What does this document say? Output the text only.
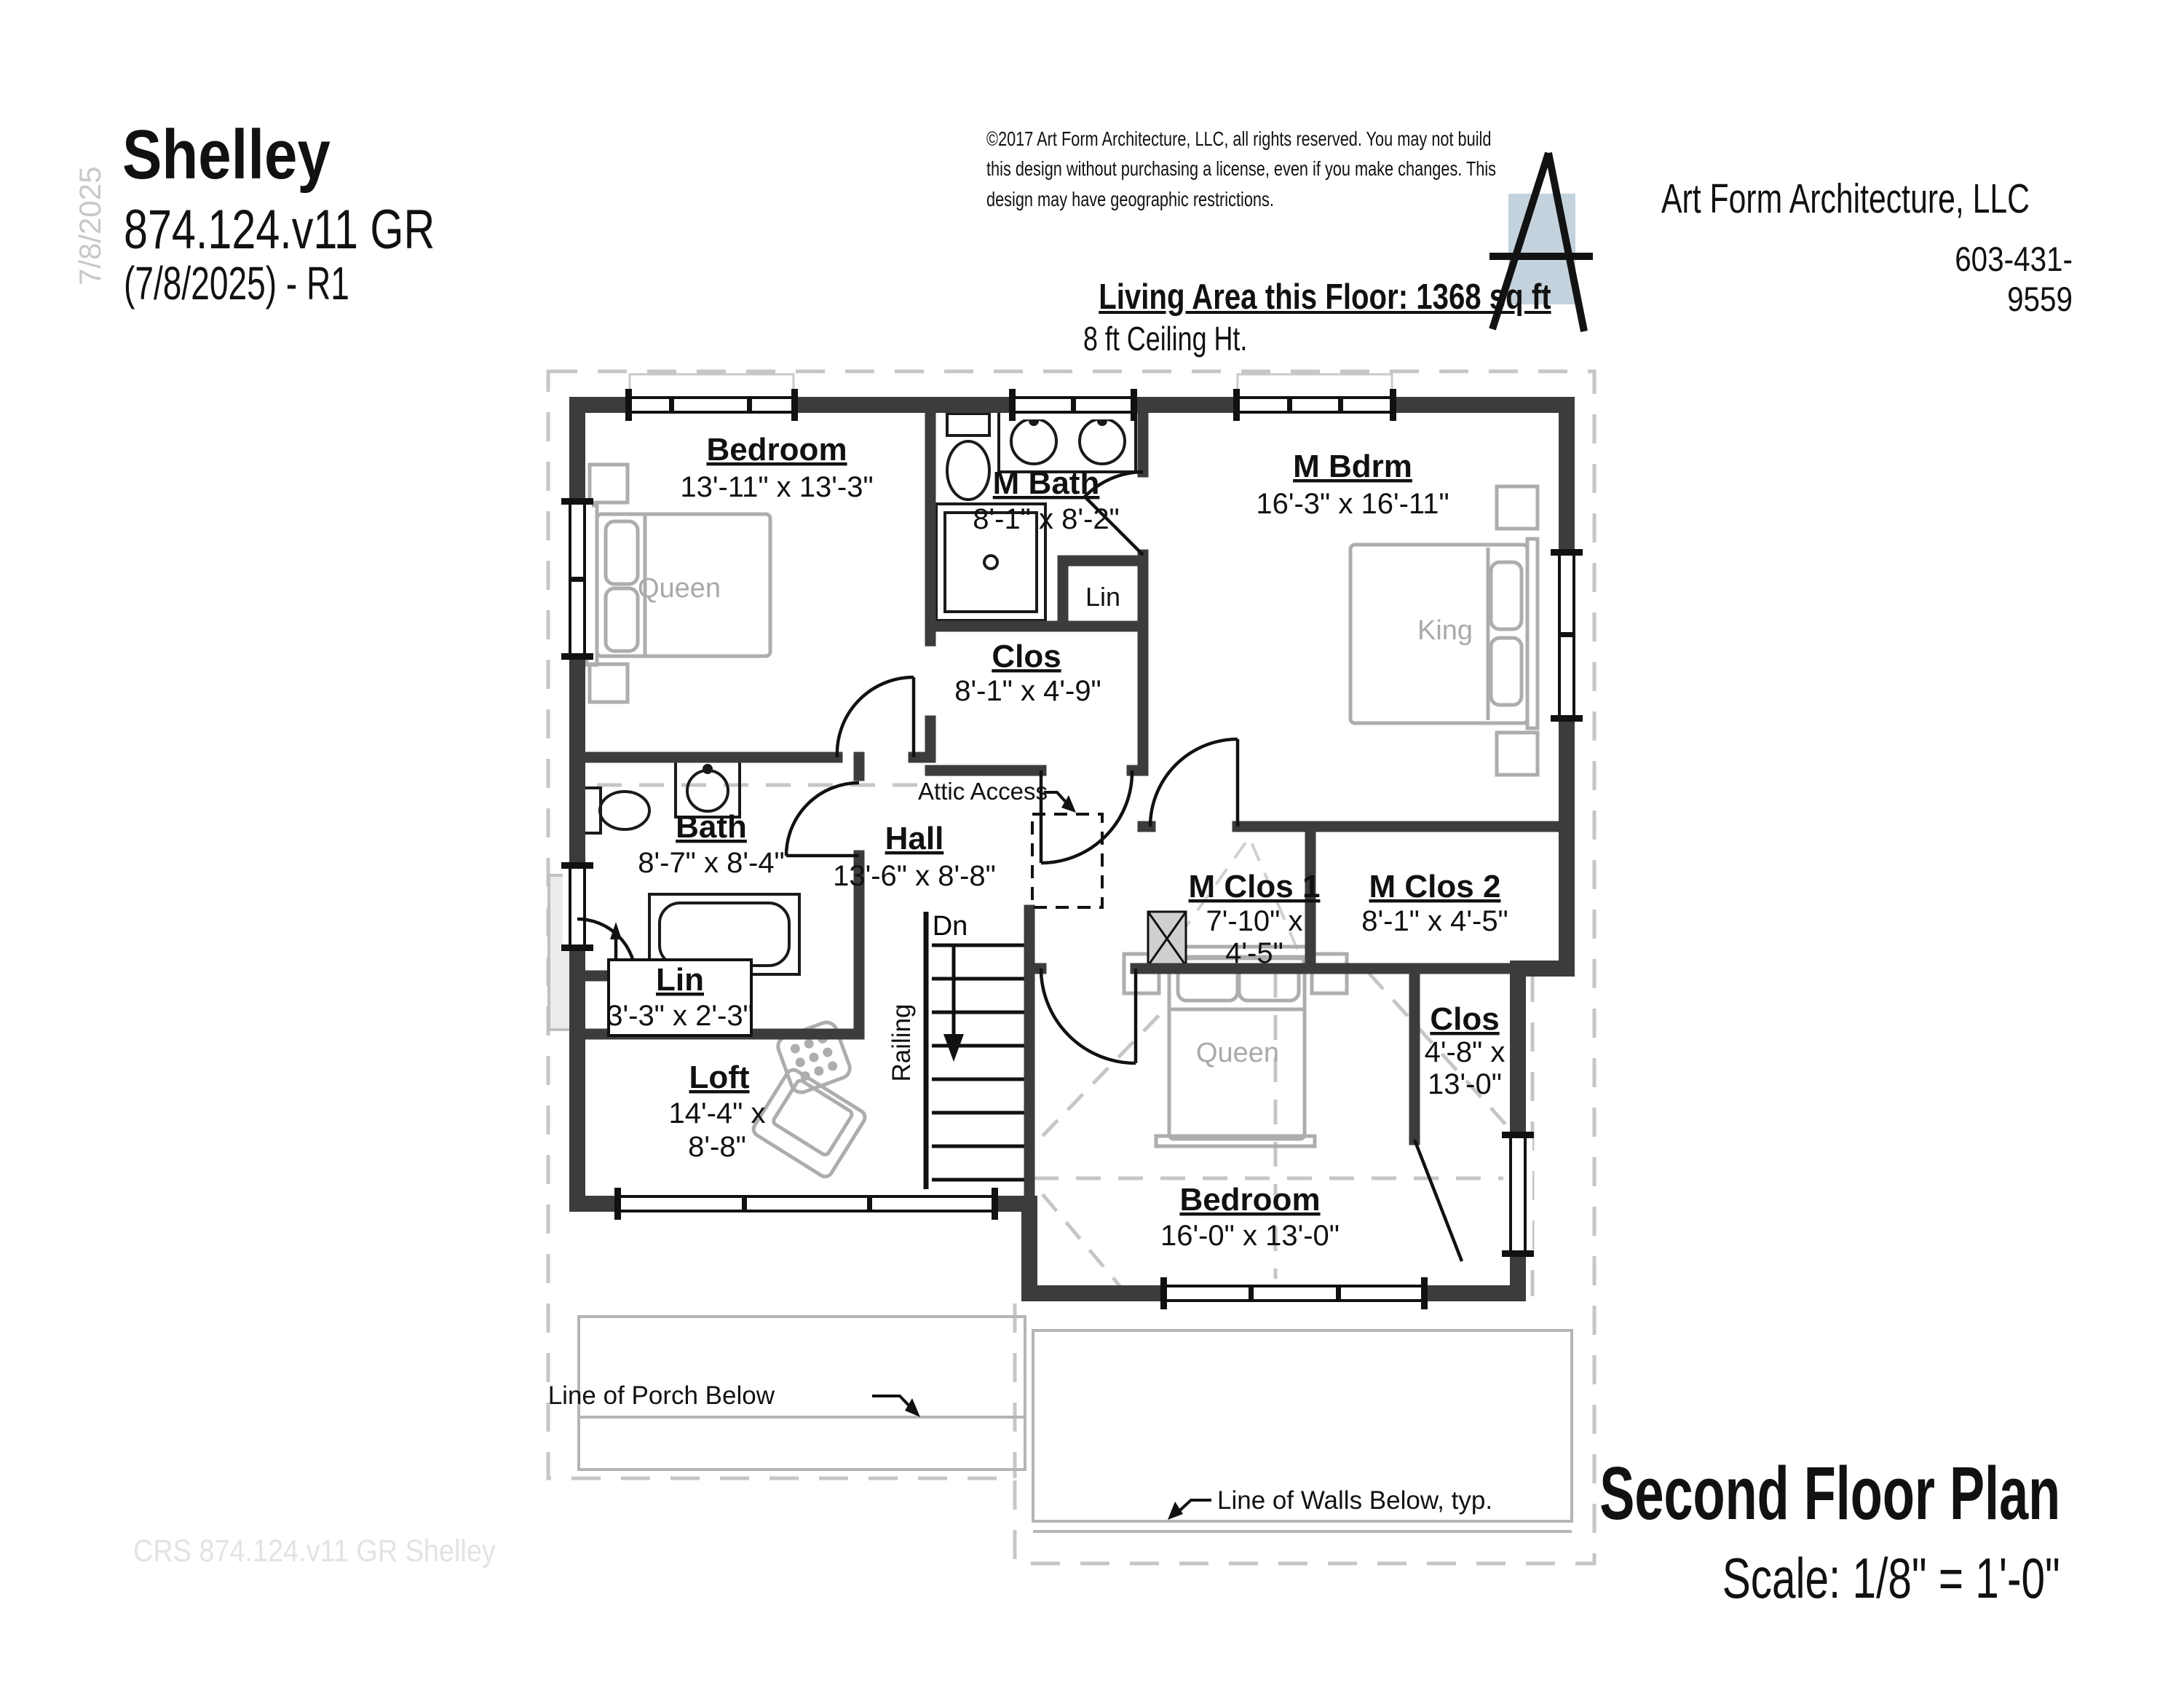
Bedroom
13'-11" x 13'-3"	M Bath
8'-1" x 8'-2"
M Bdrm
16'-3" x 16'-11"
Clos
8'-1" x 4'-9"
Lin
Bath
8'-7" x 8'-4"
Hall
13'-6" x 8'-8"	M Clos 1
7'-10" x
4'-5"
M Clos 2
8'-1" x 4'-5"
Lin
3'-3" x 2'-3"
Loft
14'-4" x
8'-8"
Clos
4'-8" x
13'-0"
Bedroom
16'-0" x 13'-0"
Queen
King
Queen
Attic Access
Dn
Railing
Line of Porch Below
Line of Walls Below, typ.
7/8/2025
Shelley
874.124.v11 GR
(7/8/2025) - R1
©2017 Art Form Architecture, LLC, all rights reserved. You may not build this design without purchasing a license, even if you make changes. This design may have geographic restrictions.	Art Form Architecture, LLC
603-431-9559
Living Area this Floor: 1368 sq ft
8 ft Ceiling Ht.
Second Floor Plan
Scale: 1/8" = 1'-0"
CRS 874.124.v11 GR Shelley
